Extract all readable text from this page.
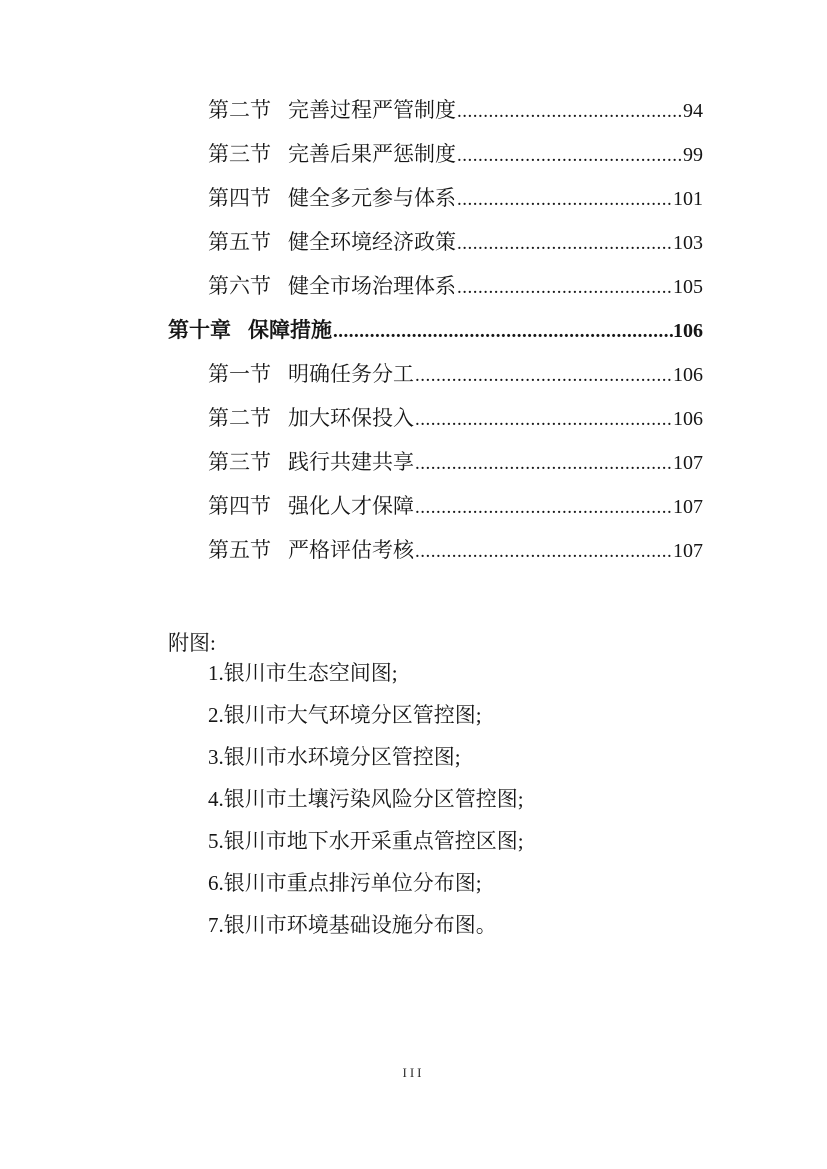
第二节 完善过程严管制度 .....	94
第三节 完善后果严惩制度 .....	99
第四节 健全多元参与体系 .....	101
第五节 健全环境经济政策 .....	103
第六节 健全市场治理体系 .....	105
第十章 保障措施 .....	106
第一节 明确任务分工 .....	106
第二节 加大环保投入 .....	106
第三节 践行共建共享 .....	107
第四节 强化人才保障 .....	107
第五节 严格评估考核 .....	107
附图:
1.银川市生态空间图;
2.银川市大气环境分区管控图;
3.银川市水环境分区管控图;
4.银川市土壤污染风险分区管控图;
5.银川市地下水开采重点管控区图;
6.银川市重点排污单位分布图;
7.银川市环境基础设施分布图。
III
